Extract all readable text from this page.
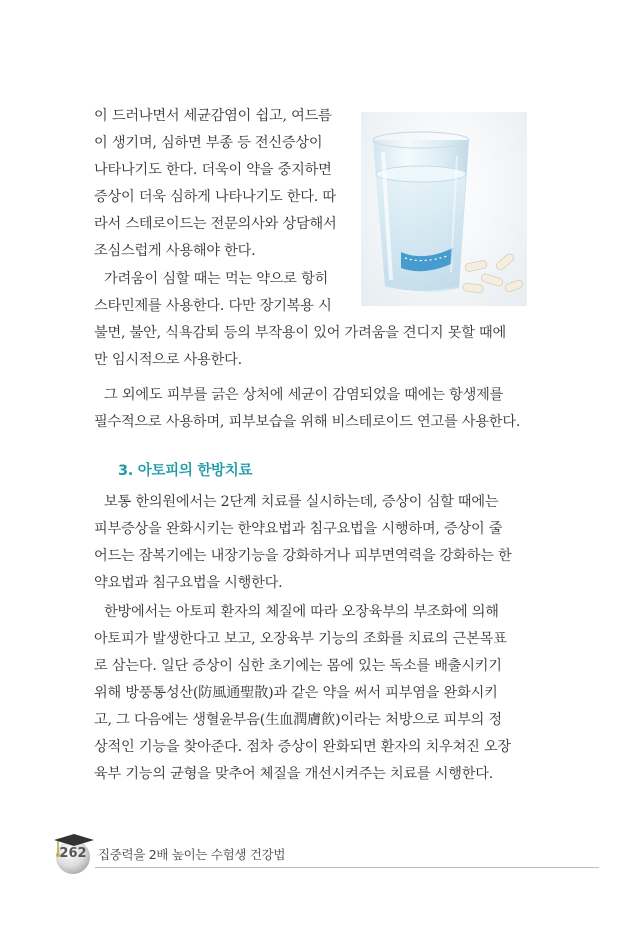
이 드러나면서 세균감염이 쉽고, 여드름
이 생기며, 심하면 부종 등 전신증상이
나타나기도 한다. 더욱이 약을 중지하면
증상이 더욱 심하게 나타나기도 한다. 따
라서 스테로이드는 전문의사와 상담해서
조심스럽게 사용해야 한다.
가려움이 심할 때는 먹는 약으로 항히
스타민제를 사용한다. 다만 장기복용 시
불면, 불안, 식욕감퇴 등의 부작용이 있어 가려움을 견디지 못할 때에
만 임시적으로 사용한다.
그 외에도 피부를 긁은 상처에 세균이 감염되었을 때에는 항생제를
필수적으로 사용하며, 피부보습을 위해 비스테로이드 연고를 사용한다.
3. 아토피의 한방치료
보통 한의원에서는 2단계 치료를 실시하는데, 증상이 심할 때에는
피부증상을 완화시키는 한약요법과 침구요법을 시행하며, 증상이 줄
어드는 잠복기에는 내장기능을 강화하거나 피부면역력을 강화하는 한
약요법과 침구요법을 시행한다.
한방에서는 아토피 환자의 체질에 따라 오장육부의 부조화에 의해
아토피가 발생한다고 보고, 오장육부 기능의 조화를 치료의 근본목표
로 삼는다. 일단 증상이 심한 초기에는 몸에 있는 독소를 배출시키기
위해 방풍통성산(防風通聖散)과 같은 약을 써서 피부염을 완화시키
고, 그 다음에는 생혈윤부음(生血潤膚飮)이라는 처방으로 피부의 정
상적인 기능을 찾아준다. 점차 증상이 완화되면 환자의 치우쳐진 오장
육부 기능의 균형을 맞추어 체질을 개선시켜주는 치료를 시행한다.
262 집중력을 2배 높이는 수험생 건강법
